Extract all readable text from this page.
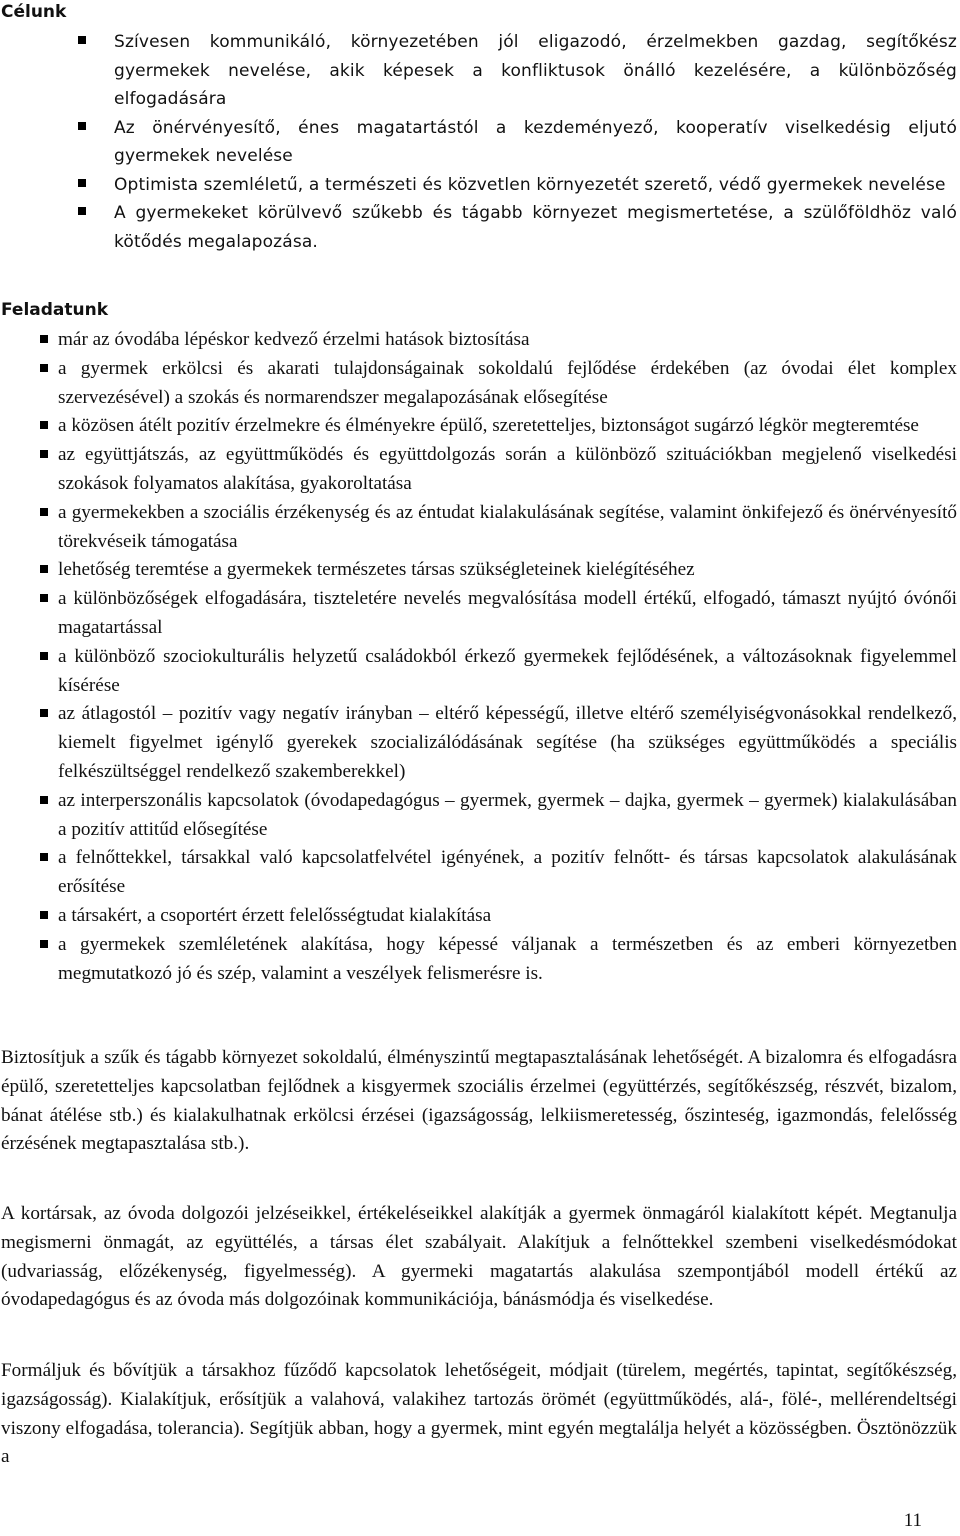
Célunk
Szívesen kommunikáló, környezetében jól eligazodó, érzelmekben gazdag, segítőkész gyermekek nevelése, akik képesek a konfliktusok önálló kezelésére, a különbözőség elfogadására
Az önérvényesítő, énes magatartástól a kezdeményező, kooperatív viselkedésig eljutó gyermekek nevelése
Optimista szemléletű, a természeti és közvetlen környezetét szerető, védő gyermekek nevelése
A gyermekeket körülvevő szűkebb és tágabb környezet megismertetése, a szülőföldhöz való kötődés megalapozása.
Feladatunk
már az óvodába lépéskor kedvező érzelmi hatások biztosítása
a gyermek erkölcsi és akarati tulajdonságainak sokoldalú fejlődése érdekében (az óvodai élet komplex szervezésével) a szokás és normarendszer megalapozásának elősegítése
a közösen átélt pozitív érzelmekre és élményekre épülő, szeretetteljes, biztonságot sugárzó légkör megteremtése
az együttjátszás, az együttműködés és együttdolgozás során a különböző szituációkban megjelenő viselkedési szokások folyamatos alakítása, gyakoroltatása
a gyermekekben a szociális érzékenység és az éntudat kialakulásának segítése, valamint önkifejező és önérvényesítő törekvéseik támogatása
lehetőség teremtése a gyermekek természetes társas szükségleteinek kielégítéséhez
a különbözőségek elfogadására, tiszteletére nevelés megvalósítása modell értékű, elfogadó, támaszt nyújtó óvónői magatartással
a különböző szociokulturális helyzetű családokból érkező gyermekek fejlődésének, a változásoknak figyelemmel kísérése
az átlagostól – pozitív vagy negatív irányban – eltérő képességű, illetve eltérő személyiségvonásokkal rendelkező, kiemelt figyelmet igénylő gyerekek szocializálódásának segítése (ha szükséges együttműködés a speciális felkészültséggel rendelkező szakemberekkel)
az interperszonális kapcsolatok (óvodapedagógus – gyermek, gyermek – dajka, gyermek – gyermek) kialakulásában a pozitív attitűd elősegítése
a felnőttekkel, társakkal való kapcsolatfelvétel igényének, a pozitív felnőtt- és társas kapcsolatok alakulásának erősítése
a társakért, a csoportért érzett felelősségtudat kialakítása
a gyermekek szemléletének alakítása, hogy képessé váljanak a természetben és az emberi környezetben megmutatkozó jó és szép, valamint a veszélyek felismerésre is.
Biztosítjuk a szűk és tágabb környezet sokoldalú, élményszintű megtapasztalásának lehetőségét. A bizalomra és elfogadásra épülő, szeretetteljes kapcsolatban fejlődnek a kisgyermek szociális érzelmei (együttérzés, segítőkészség, részvét, bizalom, bánat átélése stb.) és kialakulhatnak erkölcsi érzései (igazságosság, lelkiismeretesség, őszinteség, igazmondás, felelősség érzésének megtapasztalása stb.).
A kortársak, az óvoda dolgozói jelzéseikkel, értékeléseikkel alakítják a gyermek önmagáról kialakított képét. Megtanulja megismerni önmagát, az együttélés, a társas élet szabályait. Alakítjuk a felnőttekkel szembeni viselkedésmódokat (udvariasság, előzékenység, figyelmesség). A gyermeki magatartás alakulása szempontjából modell értékű az óvodapedagógus és az óvoda más dolgozóinak kommunikációja, bánásmódja és viselkedése.
Formáljuk és bővítjük a társakhoz fűződő kapcsolatok lehetőségeit, módjait (türelem, megértés, tapintat, segítőkészség, igazságosság). Kialakítjuk, erősítjük a valahová, valakihez tartozás örömét (együttműködés, alá-, fölé-, mellérendeltségi viszony elfogadása, tolerancia). Segítjük abban, hogy a gyermek, mint egyén megtalálja helyét a közösségben. Ösztönözzük a
11
